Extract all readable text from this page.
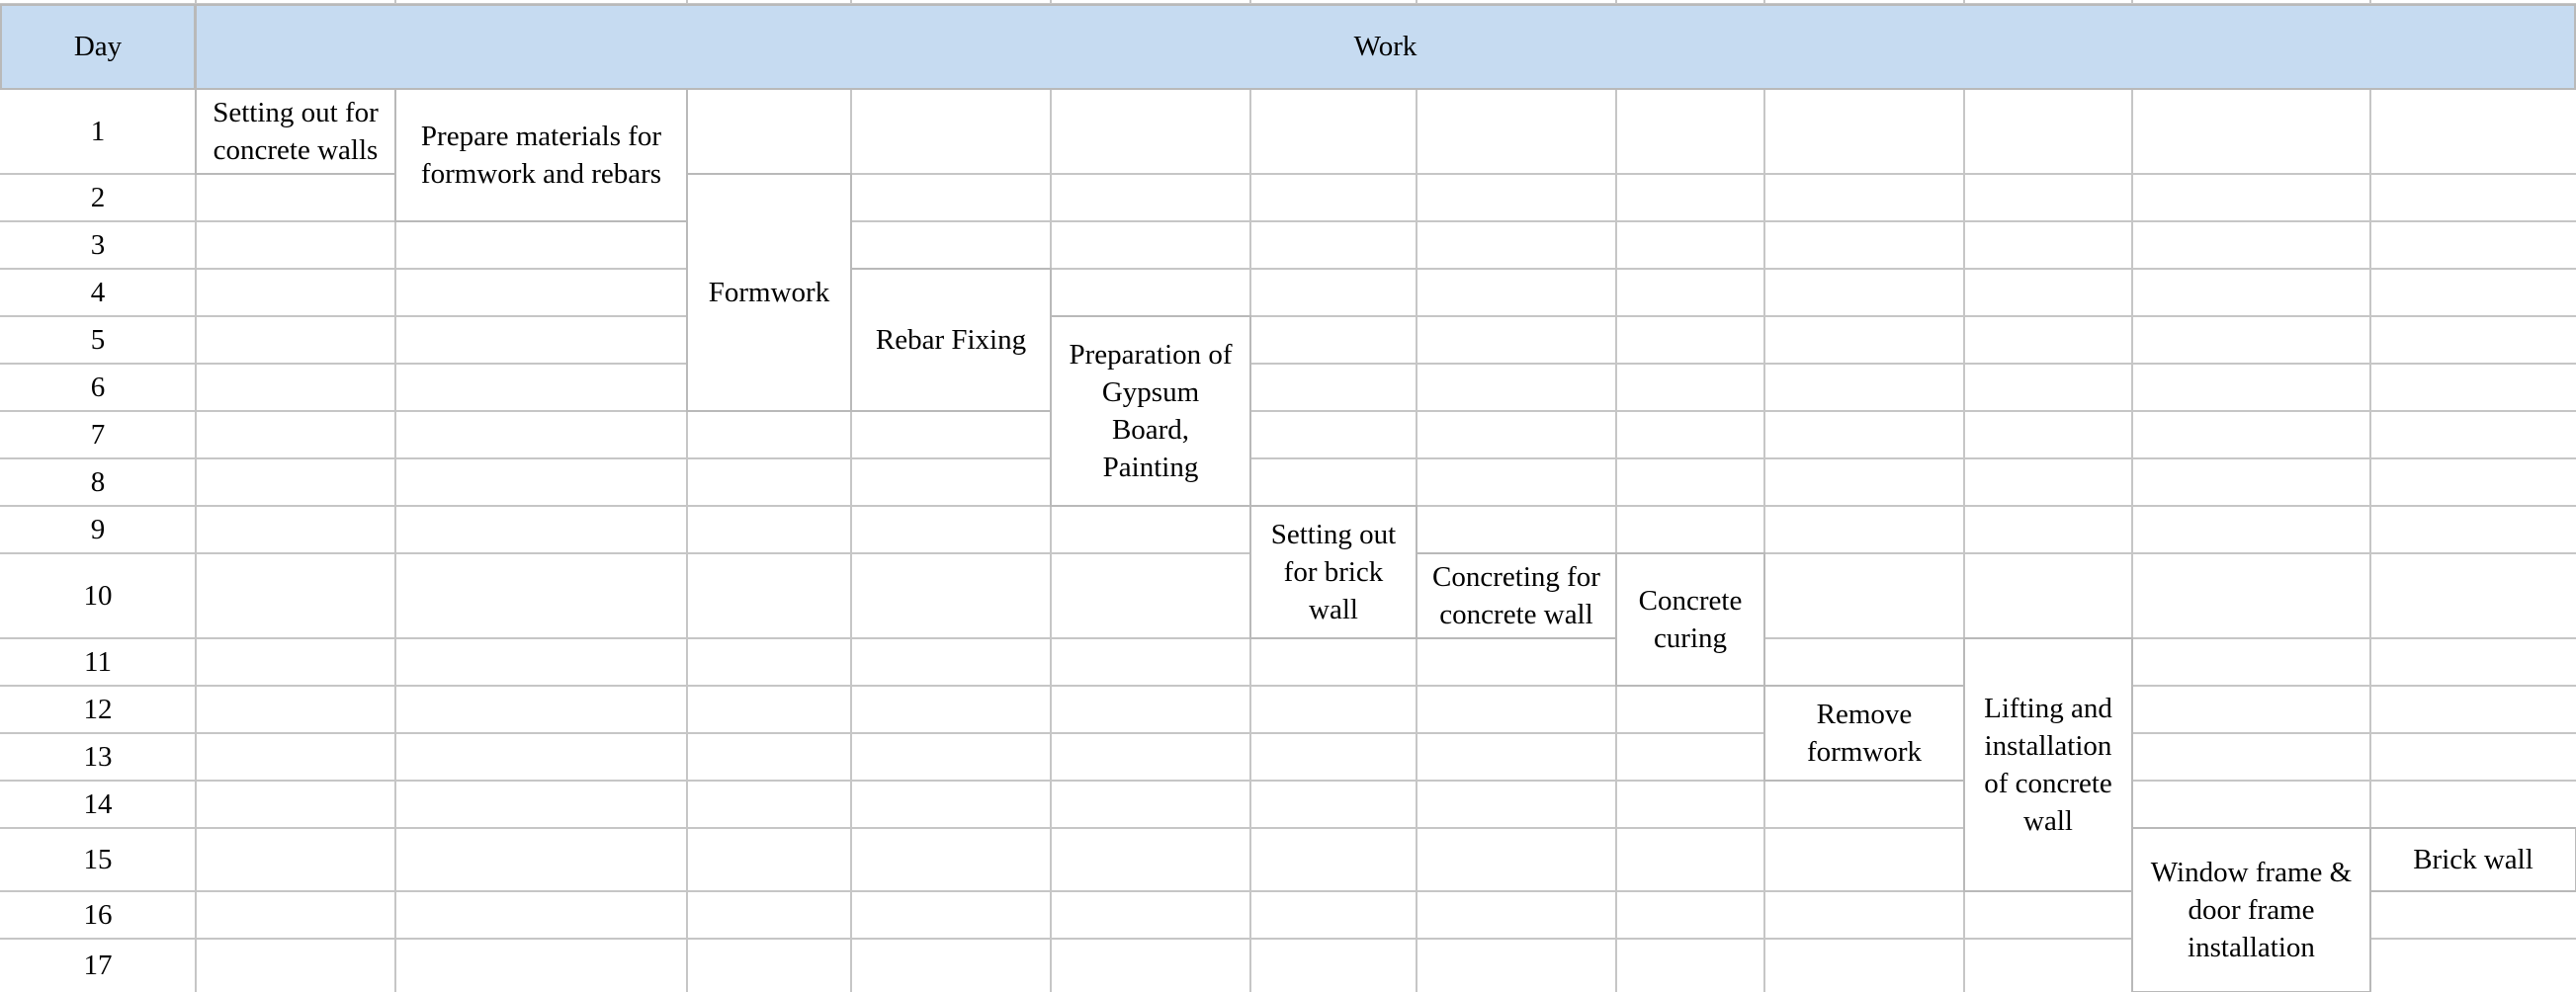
Day	Work
1
2
3
4
5
6
7
8
9
10
11
12
13
14
15
16
17
Setting out for
concrete walls Prepare materials for
formwork and rebars
Formwork
Rebar Fixing Preparation of
Gypsum
Board,
Painting
Setting out
for brick
wall
Concreting for
concrete wall Concrete
curing
Remove
formwork
Lifting and
installation
of concrete
wall
Window frame &
door frame
installation
Brick wall
